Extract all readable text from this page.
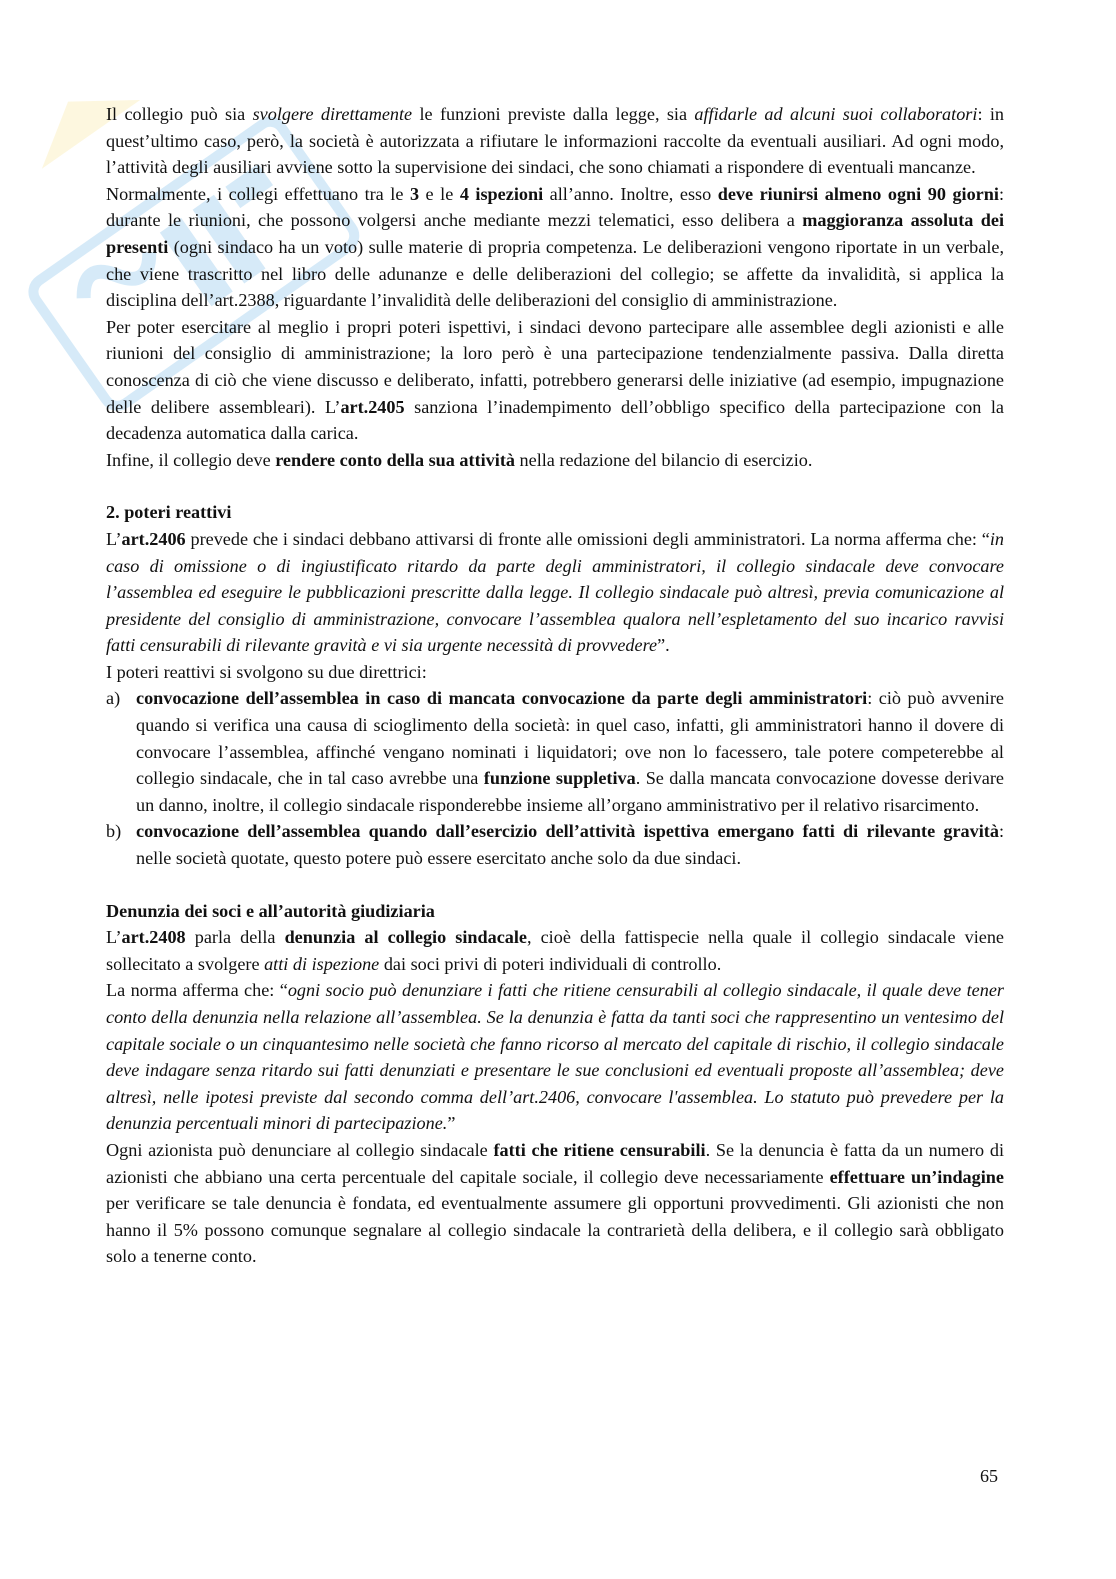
Il collegio può sia svolgere direttamente le funzioni previste dalla legge, sia affidarle ad alcuni suoi collaboratori: in quest’ultimo caso, però, la società è autorizzata a rifiutare le informazioni raccolte da eventuali ausiliari. Ad ogni modo, l’attività degli ausiliari avviene sotto la supervisione dei sindaci, che sono chiamati a rispondere di eventuali mancanze.

Normalmente, i collegi effettuano tra le 3 e le 4 ispezioni all’anno. Inoltre, esso deve riunirsi almeno ogni 90 giorni: durante le riunioni, che possono volgersi anche mediante mezzi telematici, esso delibera a maggioranza assoluta dei presenti (ogni sindaco ha un voto) sulle materie di propria competenza. Le deliberazioni vengono riportate in un verbale, che viene trascritto nel libro delle adunanze e delle deliberazioni del collegio; se affette da invalidità, si applica la disciplina dell’art.2388, riguardante l’invalidità delle deliberazioni del consiglio di amministrazione.

Per poter esercitare al meglio i propri poteri ispettivi, i sindaci devono partecipare alle assemblee degli azionisti e alle riunioni del consiglio di amministrazione; la loro però è una partecipazione tendenzialmente passiva. Dalla diretta conoscenza di ciò che viene discusso e deliberato, infatti, potrebbero generarsi delle iniziative (ad esempio, impugnazione delle delibere assembleari). L’art.2405 sanziona l’inadempimento dell’obbligo specifico della partecipazione con la decadenza automatica dalla carica.

Infine, il collegio deve rendere conto della sua attività nella redazione del bilancio di esercizio.

2. poteri reattivi

L’art.2406 prevede che i sindaci debbano attivarsi di fronte alle omissioni degli amministratori. La norma afferma che: “in caso di omissione o di ingiustificato ritardo da parte degli amministratori, il collegio sindacale deve convocare l’assemblea ed eseguire le pubblicazioni prescritte dalla legge. Il collegio sindacale può altresì, previa comunicazione al presidente del consiglio di amministrazione, convocare l’assemblea qualora nell’espletamento del suo incarico ravvisi fatti censurabili di rilevante gravità e vi sia urgente necessità di provvedere”.

I poteri reattivi si svolgono su due direttrici:

a) convocazione dell’assemblea in caso di mancata convocazione da parte degli amministratori: ciò può avvenire quando si verifica una causa di scioglimento della società: in quel caso, infatti, gli amministratori hanno il dovere di convocare l’assemblea, affinché vengano nominati i liquidatori; ove non lo facessero, tale potere competerebbe al collegio sindacale, che in tal caso avrebbe una funzione suppletiva. Se dalla mancata convocazione dovesse derivare un danno, inoltre, il collegio sindacale risponderebbe insieme all’organo amministrativo per il relativo risarcimento.
b) convocazione dell’assemblea quando dall’esercizio dell’attività ispettiva emergano fatti di rilevante gravità: nelle società quotate, questo potere può essere esercitato anche solo da due sindaci.

Denunzia dei soci e all’autorità giudiziaria

L’art.2408 parla della denunzia al collegio sindacale, cioè della fattispecie nella quale il collegio sindacale viene sollecitato a svolgere atti di ispezione dai soci privi di poteri individuali di controllo.

La norma afferma che: “ogni socio può denunziare i fatti che ritiene censurabili al collegio sindacale, il quale deve tener conto della denunzia nella relazione all’assemblea. Se la denunzia è fatta da tanti soci che rappresentino un ventesimo del capitale sociale o un cinquantesimo nelle società che fanno ricorso al mercato del capitale di rischio, il collegio sindacale deve indagare senza ritardo sui fatti denunziati e presentare le sue conclusioni ed eventuali proposte all’assemblea; deve altresì, nelle ipotesi previste dal secondo comma dell’art.2406, convocare l'assemblea. Lo statuto può prevedere per la denunzia percentuali minori di partecipazione.”

Ogni azionista può denunciare al collegio sindacale fatti che ritiene censurabili. Se la denuncia è fatta da un numero di azionisti che abbiano una certa percentuale del capitale sociale, il collegio deve necessariamente effettuare un’indagine per verificare se tale denuncia è fondata, ed eventualmente assumere gli opportuni provvedimenti. Gli azionisti che non hanno il 5% possono comunque segnalare al collegio sindacale la contrarietà della delibera, e il collegio sarà obbligato solo a tenerne conto.

65
